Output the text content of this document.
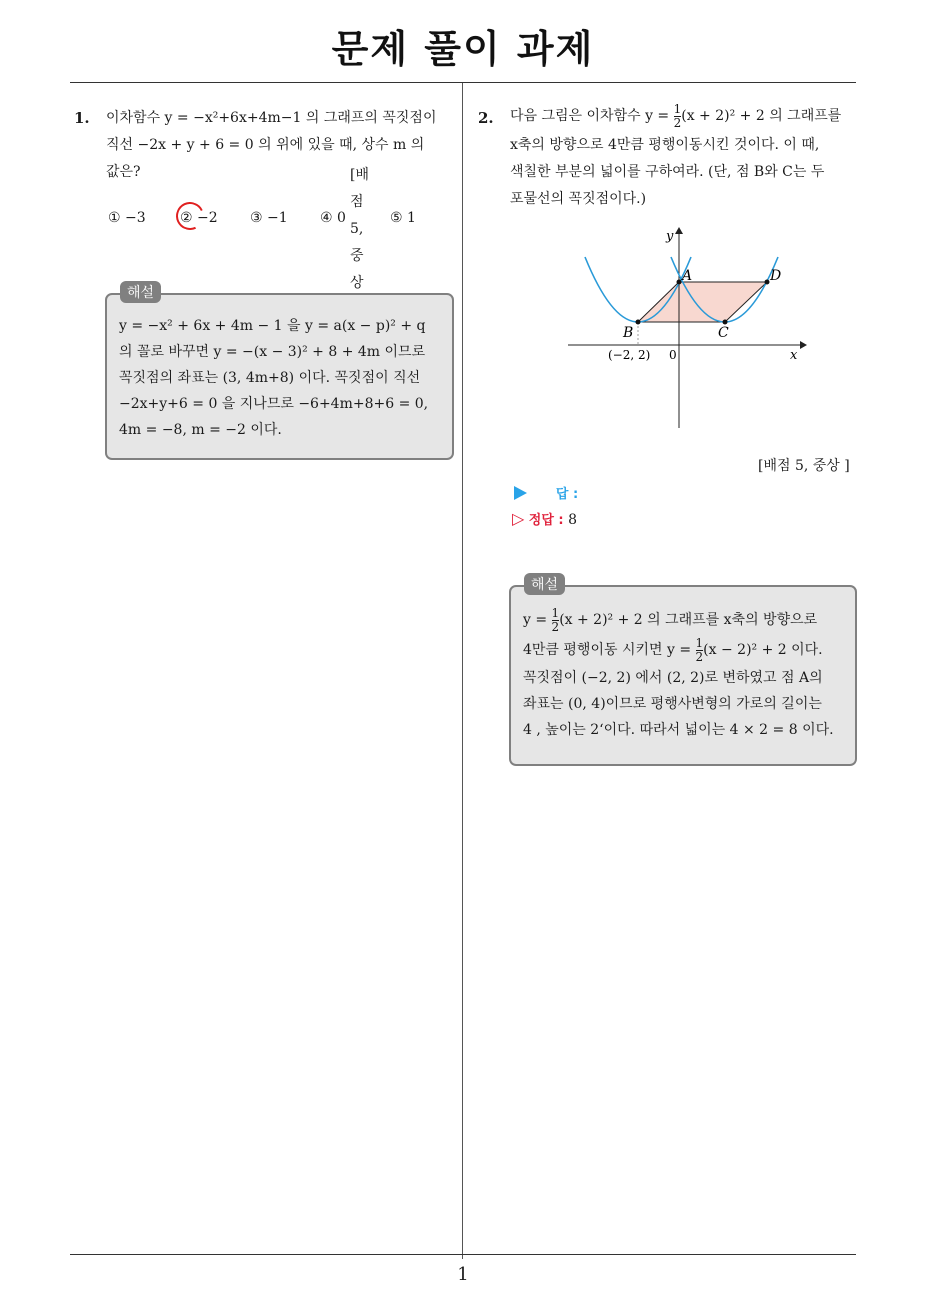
문제 풀이 과제
1. 이차함수 y = −x²+6x+4m−1 의 그래프의 꼭짓점이
직선 −2x + y + 6 = 0 의 위에 있을 때, 상수 m 의
값은?	[배점 5, 중상
① −3 ② −2 ③ −1 ④ 0	⑤ 1
y = −x² + 6x + 4m − 1 을 y = a(x − p)² + q
의 꼴로 바꾸면 y = −(x − 3)² + 8 + 4m 이므로
꼭짓점의 좌표는 (3, 4m+8) 이다. 꼭짓점이 직선
−2x+y+6 = 0 을 지나므로 −6+4m+8+6 = 0,
4m = −8, m = −2 이다.
해설
2. 다음 그림은 이차함수 $y = \frac{1}{2} (x + 2)^2 + 2$ 의 그래프를
x축의 방향으로 4만큼 평행이동시킨 것이다. 이 때,
색칠한 부분의 넓이를 구하여라. (단, 점 B와 C는 두
포물선의 꼭짓점이다.)
A	D
B	C
x
y
0
(−2, 2)
[배점 5, 중상 ]
답 :
▷ 정답 : 8
$y = \frac{1}{2} (x + 2)^2 + 2$ 의 그래프를 x축의 방향으로
4만큼 평행이동 시키면 $y = \frac{1}{2} (x - 2)^2 + 2$ 이다.
꼭짓점이 (−2, 2) 에서 (2, 2)로 변하였고 점 A의
좌표는 (0, 4)이므로 평행사변형의 가로의 길이는
4 , 높이는 2‘이다. 따라서 넓이는 4 × 2 = 8 이다.
해설
1
